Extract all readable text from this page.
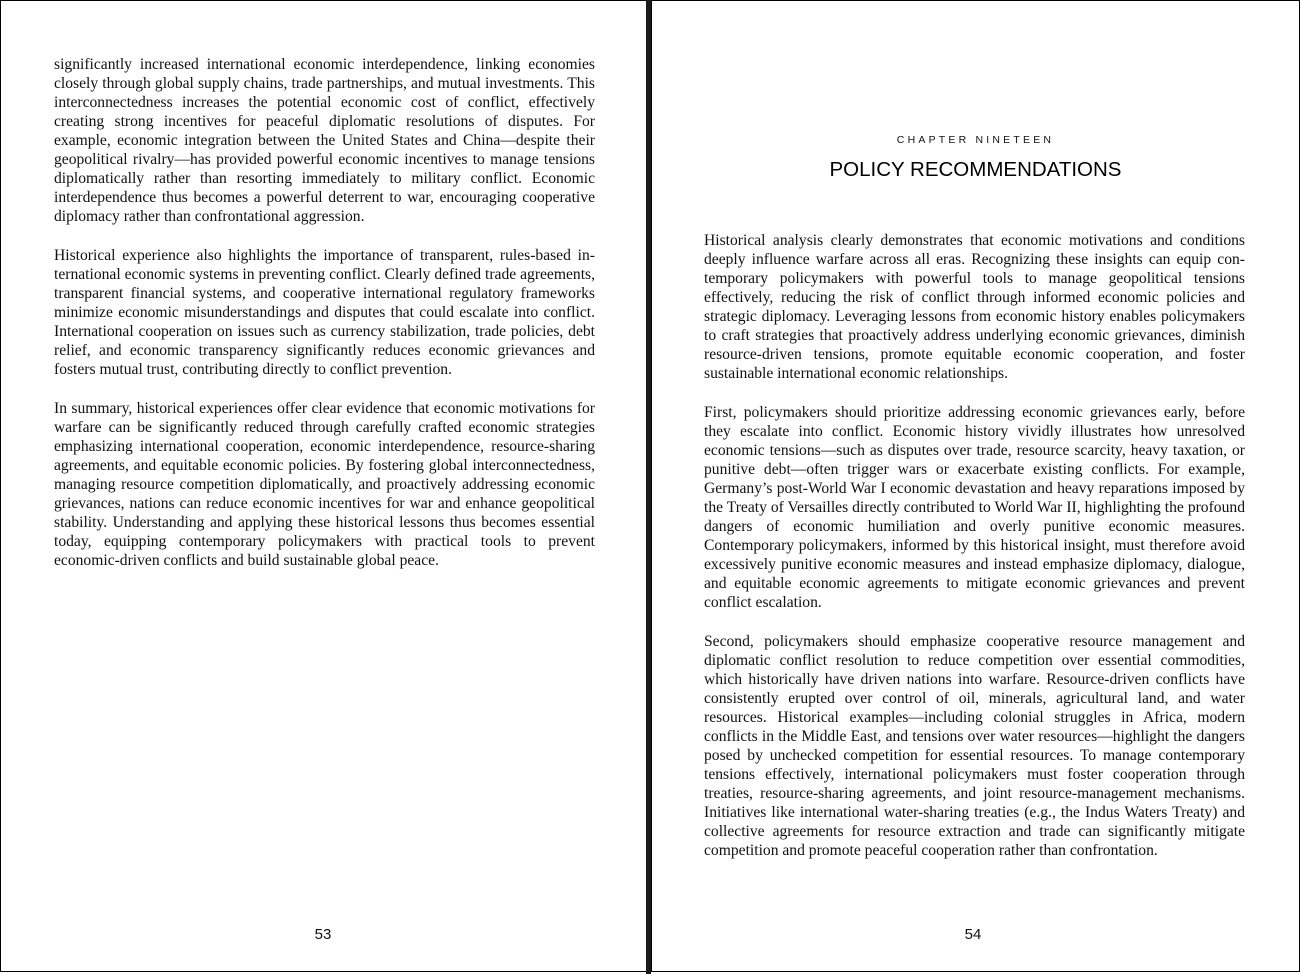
significantly increased international economic interdependence, linking economies closely through global supply chains, trade partnerships, and mutual investments. This interconnectedness increases the potential economic cost of conflict, effectively creating strong incentives for peaceful diplomatic resolutions of disputes. For example, economic integration between the United States and China—despite their geopolitical rivalry—has provided powerful economic incentives to manage tensions diplomatically rather than resorting immediately to military conflict. Economic interdependence thus becomes a powerful deterrent to war, encouraging cooperative diplomacy rather than confrontational aggression.

Historical experience also highlights the importance of transparent, rules-based international economic systems in preventing conflict. Clearly defined trade agreements, transparent financial systems, and cooperative international regulatory frameworks minimize economic misunderstandings and disputes that could escalate into conflict. International cooperation on issues such as currency stabilization, trade policies, debt relief, and economic transparency significantly reduces economic grievances and fosters mutual trust, contributing directly to conflict prevention.

In summary, historical experiences offer clear evidence that economic motivations for warfare can be significantly reduced through carefully crafted economic strategies emphasizing international cooperation, economic interdependence, resource-sharing agreements, and equitable economic policies. By fostering global interconnectedness, managing resource competition diplomatically, and proactively addressing economic grievances, nations can reduce economic incentives for war and enhance geopolitical stability. Understanding and applying these historical lessons thus becomes essential today, equipping contemporary policymakers with practical tools to prevent economic-driven conflicts and build sustainable global peace.

53
CHAPTER NINETEEN
POLICY RECOMMENDATIONS

Historical analysis clearly demonstrates that economic motivations and conditions deeply influence warfare across all eras. Recognizing these insights can equip contemporary policymakers with powerful tools to manage geopolitical tensions effectively, reducing the risk of conflict through informed economic policies and strategic diplomacy. Leveraging lessons from economic history enables policymakers to craft strategies that proactively address underlying economic grievances, diminish resource-driven tensions, promote equitable economic cooperation, and foster sustainable international economic relationships.

First, policymakers should prioritize addressing economic grievances early, before they escalate into conflict. Economic history vividly illustrates how unresolved economic tensions—such as disputes over trade, resource scarcity, heavy taxation, or punitive debt—often trigger wars or exacerbate existing conflicts. For example, Germany’s post-World War I economic devastation and heavy reparations imposed by the Treaty of Versailles directly contributed to World War II, highlighting the profound dangers of economic humiliation and overly punitive economic measures. Contemporary policymakers, informed by this historical insight, must therefore avoid excessively punitive economic measures and instead emphasize diplomacy, dialogue, and equitable economic agreements to mitigate economic grievances and prevent conflict escalation.

Second, policymakers should emphasize cooperative resource management and diplomatic conflict resolution to reduce competition over essential commodities, which historically have driven nations into warfare. Resource-driven conflicts have consistently erupted over control of oil, minerals, agricultural land, and water resources. Historical examples—including colonial struggles in Africa, modern conflicts in the Middle East, and tensions over water resources—highlight the dangers posed by unchecked competition for essential resources. To manage contemporary tensions effectively, international policymakers must foster cooperation through treaties, resource-sharing agreements, and joint resource-management mechanisms. Initiatives like international water-sharing treaties (e.g., the Indus Waters Treaty) and collective agreements for resource extraction and trade can significantly mitigate competition and promote peaceful cooperation rather than confrontation.

54
